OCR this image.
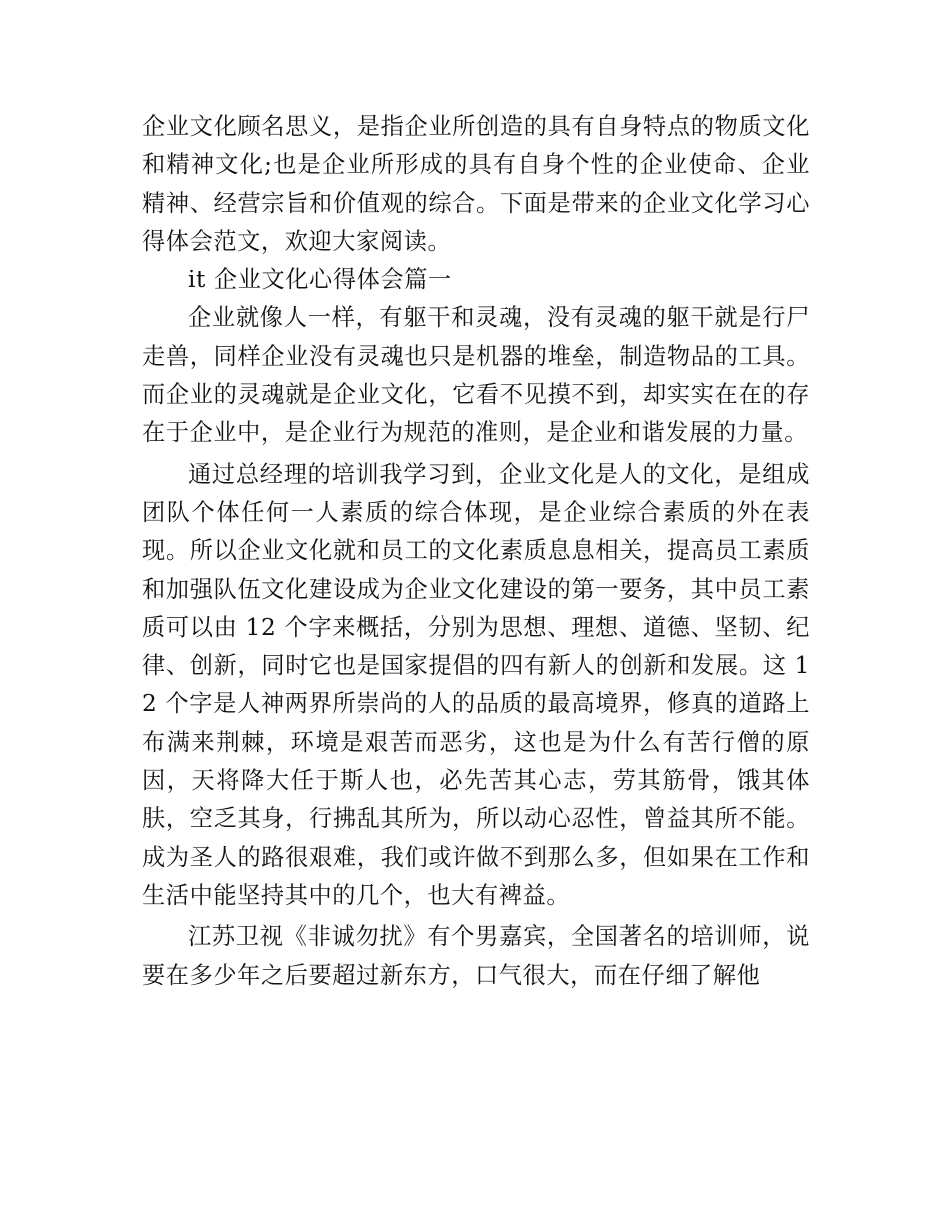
企业文化顾名思义，是指企业所创造的具有自身特点的物质文化和精神文化;也是企业所形成的具有自身个性的企业使命、企业精神、经营宗旨和价值观的综合。下面是带来的企业文化学习心得体会范文，欢迎大家阅读。

it 企业文化心得体会篇一

企业就像人一样，有躯干和灵魂，没有灵魂的躯干就是行尸走兽，同样企业没有灵魂也只是机器的堆垒，制造物品的工具。而企业的灵魂就是企业文化，它看不见摸不到，却实实在在的存在于企业中，是企业行为规范的准则，是企业和谐发展的力量。

通过总经理的培训我学习到，企业文化是人的文化，是组成团队个体任何一人素质的综合体现，是企业综合素质的外在表现。所以企业文化就和员工的文化素质息息相关，提高员工素质和加强队伍文化建设成为企业文化建设的第一要务，其中员工素质可以由 12 个字来概括，分别为思想、理想、道德、坚韧、纪律、创新，同时它也是国家提倡的四有新人的创新和发展。这 12 个字是人神两界所崇尚的人的品质的最高境界，修真的道路上布满来荆棘，环境是艰苦而恶劣，这也是为什么有苦行僧的原因，天将降大任于斯人也，必先苦其心志，劳其筋骨，饿其体肤，空乏其身，行拂乱其所为，所以动心忍性，曾益其所不能。成为圣人的路很艰难，我们或许做不到那么多，但如果在工作和生活中能坚持其中的几个，也大有裨益。

江苏卫视《非诚勿扰》有个男嘉宾，全国著名的培训师，说要在多少年之后要超过新东方，口气很大，而在仔细了解他
